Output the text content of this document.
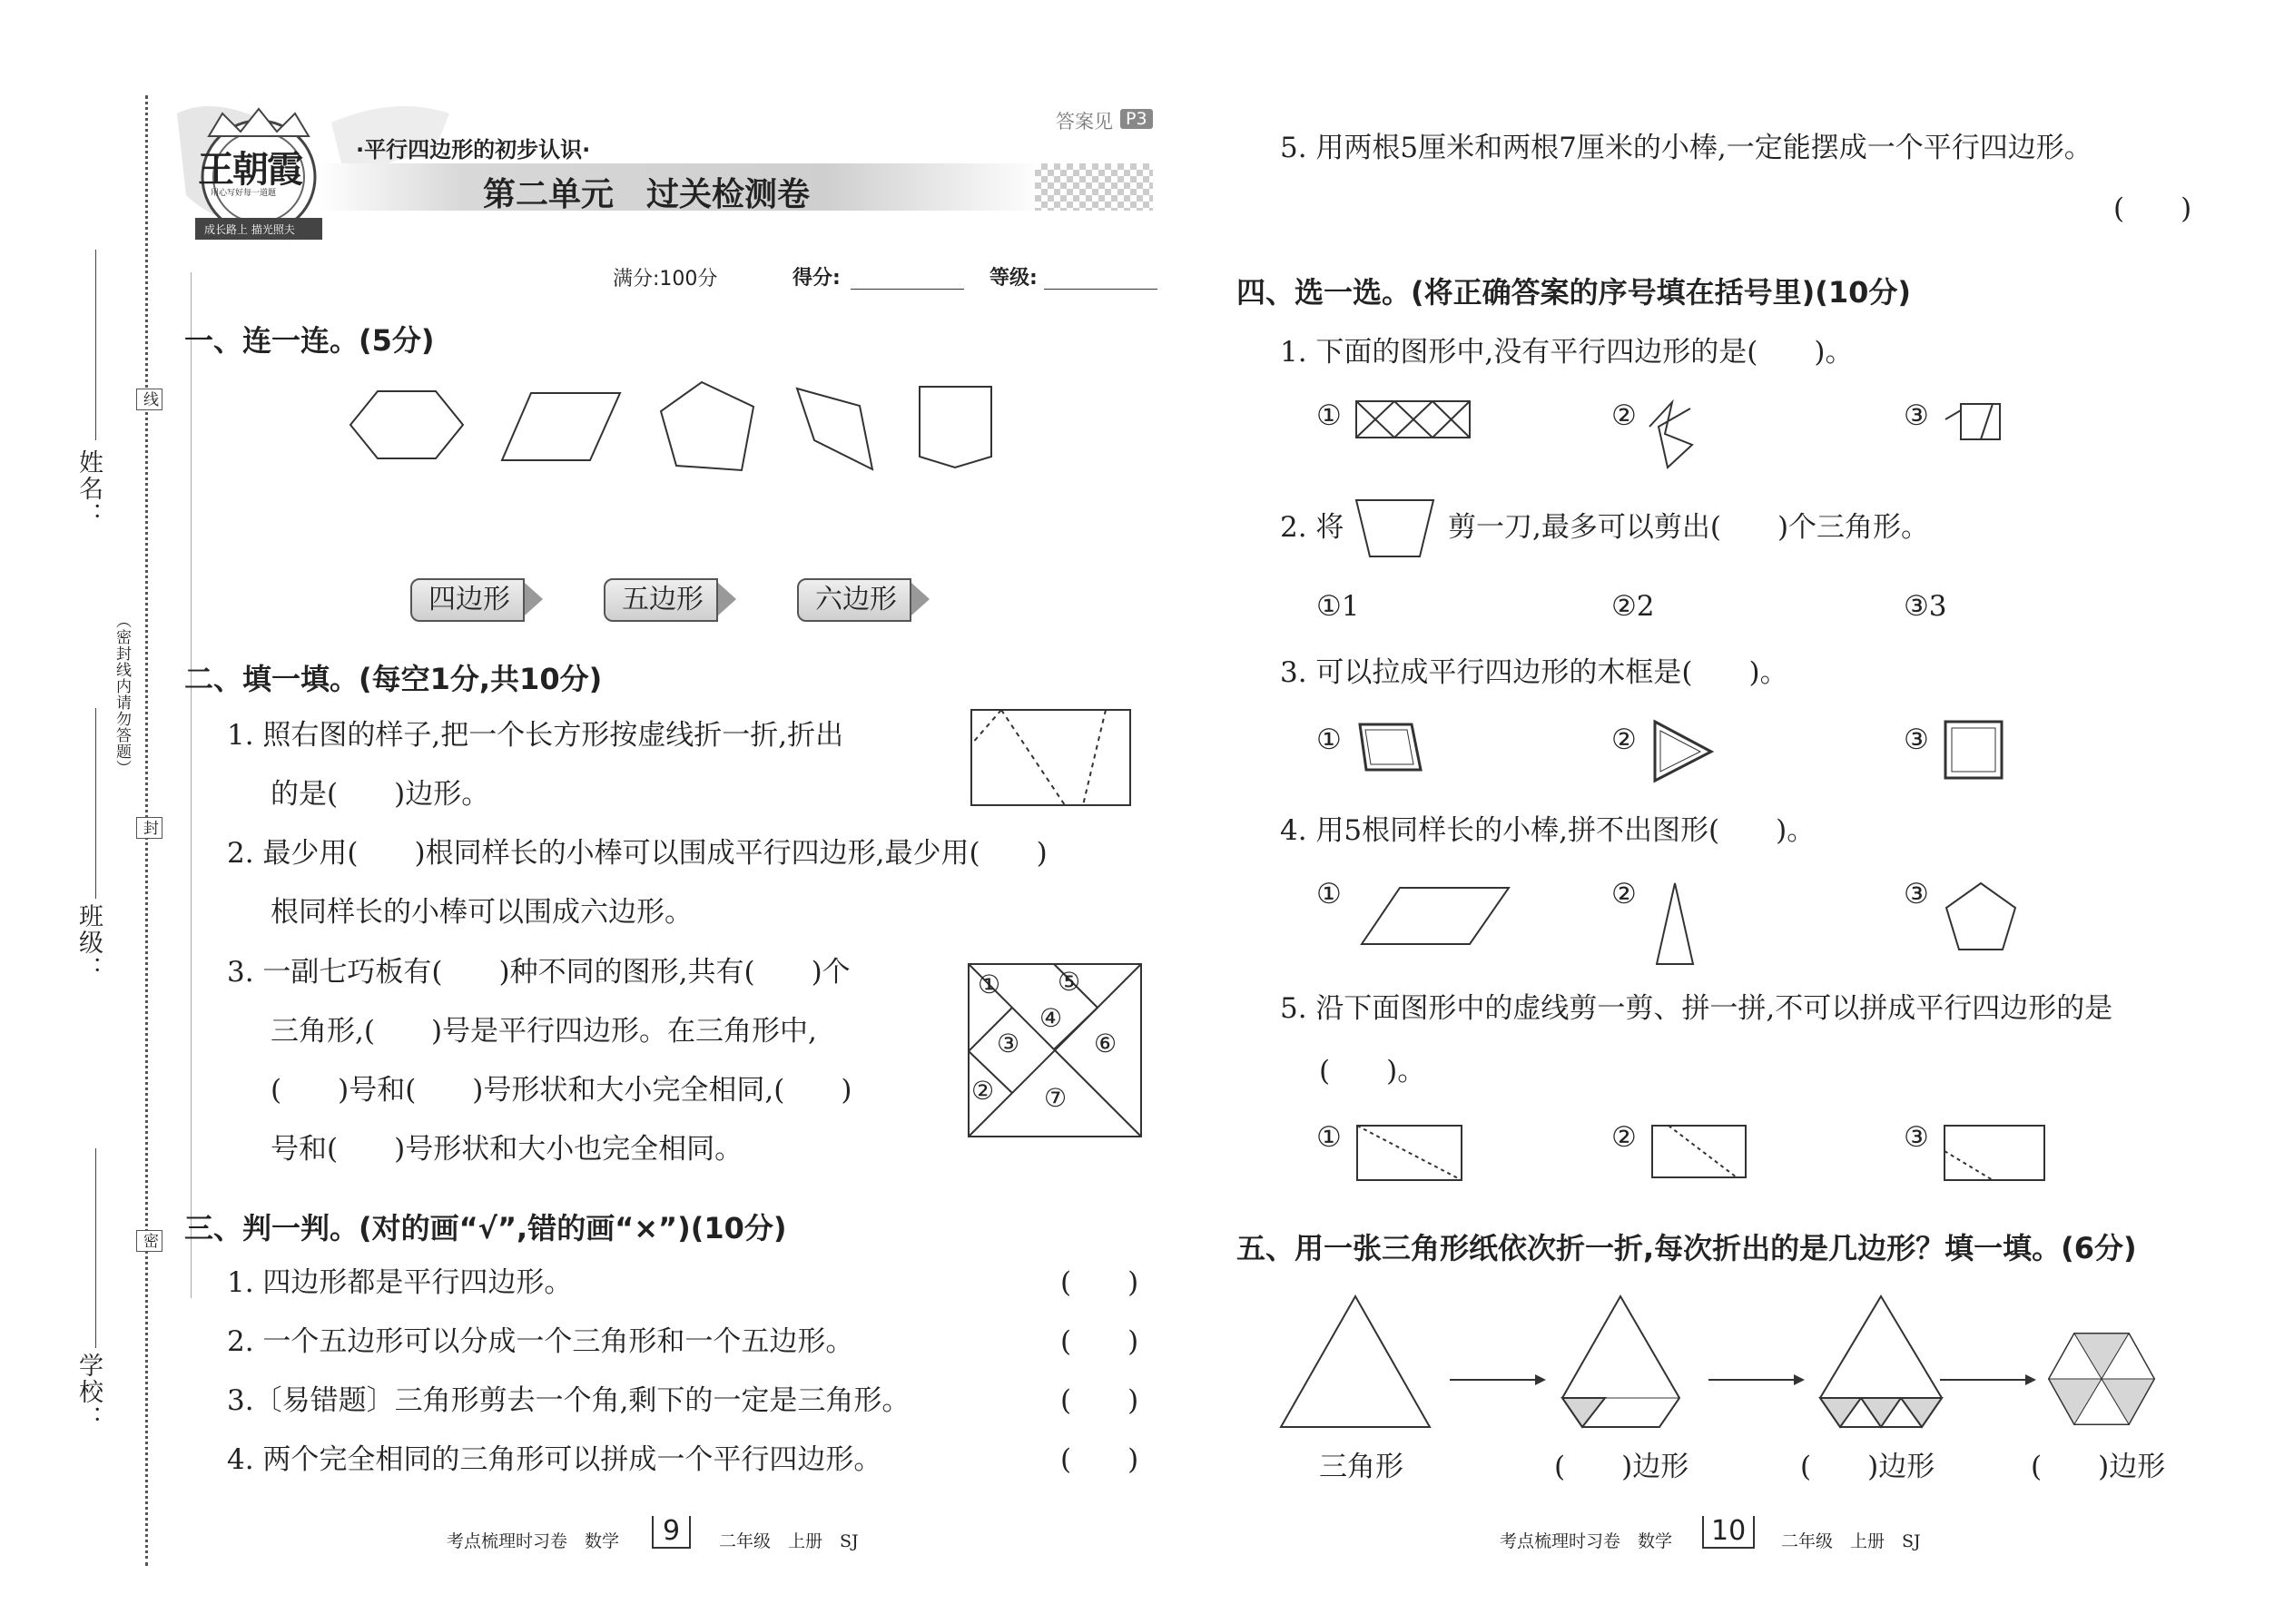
姓名：
班级：
学校：
线
封
密
（密封线内请勿答题）
王朝霞
用心写好每一道题
成长路上 描光照夫
·平行四边形的初步认识·
第二单元　过关检测卷
答案见 P3
满分:100分	得分:	等级:
一、连一连。(5分)
四边形	五边形	六边形
二、填一填。(每空1分,共10分)
1. 照右图的样子,把一个长方形按虚线折一折,折出
的是(　　)边形。
2. 最少用(　　)根同样长的小棒可以围成平行四边形,最少用(　　)
根同样长的小棒可以围成六边形。
3. 一副七巧板有(　　)种不同的图形,共有(　　)个
三角形,(　　)号是平行四边形。在三角形中,
(　　)号和(　　)号形状和大小完全相同,(　　)
号和(　　)号形状和大小也完全相同。
① ⑤
④
③	⑥
② ⑦
三、判一判。(对的画“√”,错的画“×”)(10分)
1. 四边形都是平行四边形。	(　　)
2. 一个五边形可以分成一个三角形和一个五边形。	(　　)
3.〔易错题〕三角形剪去一个角,剩下的一定是三角形。	(　　)
4. 两个完全相同的三角形可以拼成一个平行四边形。	(　　)
5. 用两根5厘米和两根7厘米的小棒,一定能摆成一个平行四边形。
(　　)
考点梳理时习卷　数学	9	二年级　上册　SJ
四、选一选。(将正确答案的序号填在括号里)(10分)
1. 下面的图形中,没有平行四边形的是(　　)。
①	②	③
2. 将	剪一刀,最多可以剪出(　　)个三角形。
①1	②2	③3
3. 可以拉成平行四边形的木框是(　　)。
①	②	③
4. 用5根同样长的小棒,拼不出图形(　　)。
①	②	③
5. 沿下面图形中的虚线剪一剪、拼一拼,不可以拼成平行四边形的是
(　　)。
①	②	③
五、用一张三角形纸依次折一折,每次折出的是几边形？填一填。(6分)
三角形	(　　)边形	(　　)边形	(　　)边形
考点梳理时习卷　数学	10	二年级　上册　SJ
